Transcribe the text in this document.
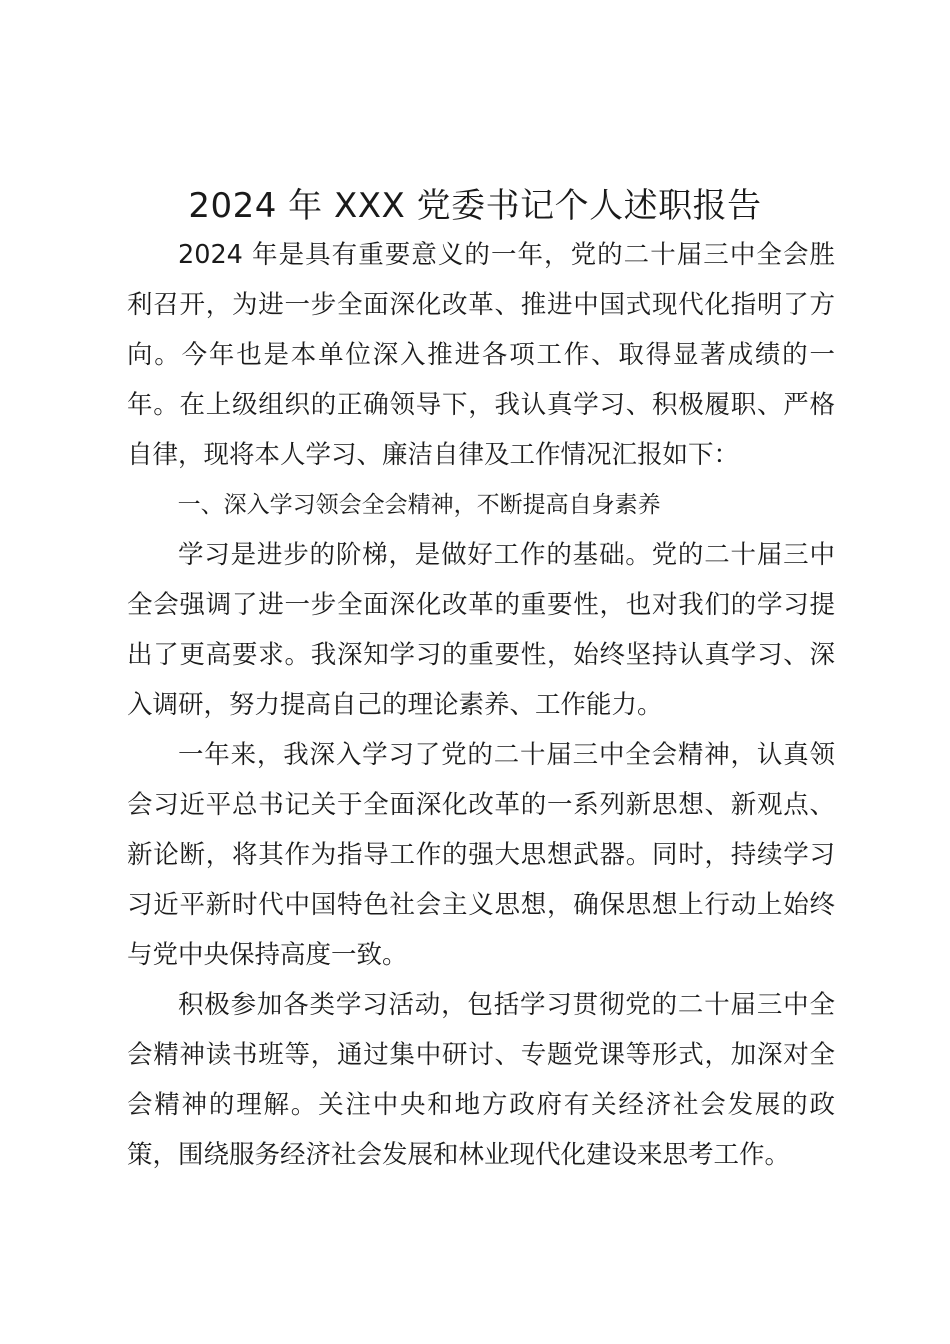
2024 年 XXX 党委书记个人述职报告

2024 年是具有重要意义的一年，党的二十届三中全会胜利召开，为进一步全面深化改革、推进中国式现代化指明了方向。今年也是本单位深入推进各项工作、取得显著成绩的一年。在上级组织的正确领导下，我认真学习、积极履职、严格自律，现将本人学习、廉洁自律及工作情况汇报如下：

一、深入学习领会全会精神，不断提高自身素养

学习是进步的阶梯，是做好工作的基础。党的二十届三中全会强调了进一步全面深化改革的重要性，也对我们的学习提出了更高要求。我深知学习的重要性，始终坚持认真学习、深入调研，努力提高自己的理论素养、工作能力。

一年来，我深入学习了党的二十届三中全会精神，认真领会习近平总书记关于全面深化改革的一系列新思想、新观点、新论断，将其作为指导工作的强大思想武器。同时，持续学习习近平新时代中国特色社会主义思想，确保思想上行动上始终与党中央保持高度一致。

积极参加各类学习活动，包括学习贯彻党的二十届三中全会精神读书班等，通过集中研讨、专题党课等形式，加深对全会精神的理解。关注中央和地方政府有关经济社会发展的政策，围绕服务经济社会发展和林业现代化建设来思考工作。
